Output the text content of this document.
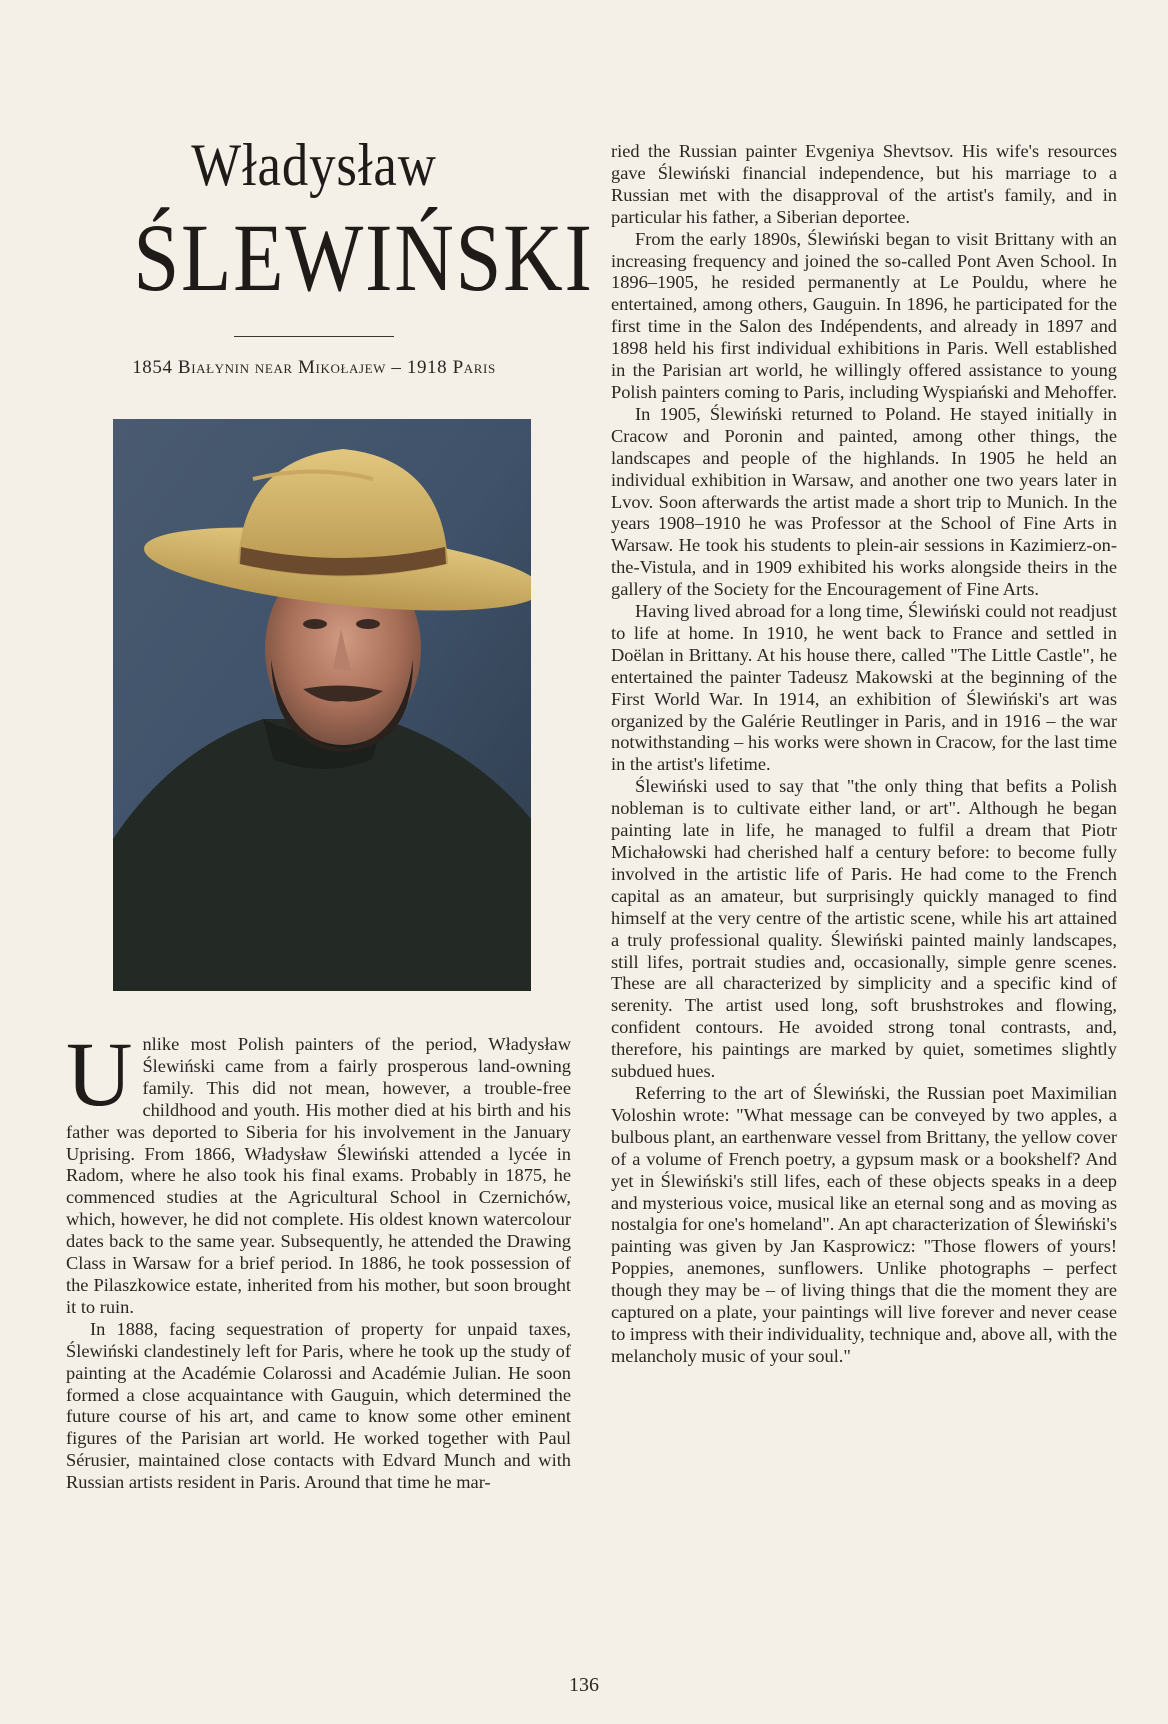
Władysław
ŚLEWIŃSKI
1854 Białynin near Mikołajew – 1918 Paris

Unlike most Polish painters of the period, Władysław Ślewiński came from a fairly prosperous land-owning family. This did not mean, however, a trouble-free childhood and youth. His mother died at his birth and his father was deported to Siberia for his involvement in the January Uprising. From 1866, Władysław Ślewiński attended a lycée in Radom, where he also took his final exams. Probably in 1875, he commenced studies at the Agricultural School in Czernichów, which, however, he did not complete. His oldest known watercolour dates back to the same year. Subsequently, he attended the Drawing Class in Warsaw for a brief period. In 1886, he took possession of the Pilaszkowice estate, inherited from his mother, but soon brought it to ruin.

In 1888, facing sequestration of property for unpaid taxes, Ślewiński clandestinely left for Paris, where he took up the study of painting at the Académie Colarossi and Académie Julian. He soon formed a close acquaintance with Gauguin, which determined the future course of his art, and came to know some other eminent figures of the Parisian art world. He worked together with Paul Sérusier, maintained close contacts with Edvard Munch and with Russian artists resident in Paris. Around that time he mar-

ried the Russian painter Evgeniya Shevtsov. His wife's resources gave Ślewiński financial independence, but his marriage to a Russian met with the disapproval of the artist's family, and in particular his father, a Siberian deportee.

From the early 1890s, Ślewiński began to visit Brittany with an increasing frequency and joined the so-called Pont Aven School. In 1896–1905, he resided permanently at Le Pouldu, where he entertained, among others, Gauguin. In 1896, he participated for the first time in the Salon des Indépendents, and already in 1897 and 1898 held his first individual exhibitions in Paris. Well established in the Parisian art world, he willingly offered assistance to young Polish painters coming to Paris, including Wyspiański and Mehoffer.

In 1905, Ślewiński returned to Poland. He stayed initially in Cracow and Poronin and painted, among other things, the landscapes and people of the highlands. In 1905 he held an individual exhibition in Warsaw, and another one two years later in Lvov. Soon afterwards the artist made a short trip to Munich. In the years 1908–1910 he was Professor at the School of Fine Arts in Warsaw. He took his students to plein-air sessions in Kazimierz-on-the-Vistula, and in 1909 exhibited his works alongside theirs in the gallery of the Society for the Encouragement of Fine Arts.

Having lived abroad for a long time, Ślewiński could not readjust to life at home. In 1910, he went back to France and settled in Doëlan in Brittany. At his house there, called "The Little Castle", he entertained the painter Tadeusz Makowski at the beginning of the First World War. In 1914, an exhibition of Ślewiński's art was organized by the Galérie Reutlinger in Paris, and in 1916 – the war notwithstanding – his works were shown in Cracow, for the last time in the artist's lifetime.

Ślewiński used to say that "the only thing that befits a Polish nobleman is to cultivate either land, or art". Although he began painting late in life, he managed to fulfil a dream that Piotr Michałowski had cherished half a century before: to become fully involved in the artistic life of Paris. He had come to the French capital as an amateur, but surprisingly quickly managed to find himself at the very centre of the artistic scene, while his art attained a truly professional quality. Ślewiński painted mainly landscapes, still lifes, portrait studies and, occasionally, simple genre scenes. These are all characterized by simplicity and a specific kind of serenity. The artist used long, soft brushstrokes and flowing, confident contours. He avoided strong tonal contrasts, and, therefore, his paintings are marked by quiet, sometimes slightly subdued hues.

Referring to the art of Ślewiński, the Russian poet Maximilian Voloshin wrote: "What message can be conveyed by two apples, a bulbous plant, an earthenware vessel from Brittany, the yellow cover of a volume of French poetry, a gypsum mask or a bookshelf? And yet in Ślewiński's still lifes, each of these objects speaks in a deep and mysterious voice, musical like an eternal song and as moving as nostalgia for one's homeland". An apt characterization of Ślewiński's painting was given by Jan Kasprowicz: "Those flowers of yours! Poppies, anemones, sunflowers. Unlike photographs – perfect though they may be – of living things that die the moment they are captured on a plate, your paintings will live forever and never cease to impress with their individuality, technique and, above all, with the melancholy music of your soul."

136
